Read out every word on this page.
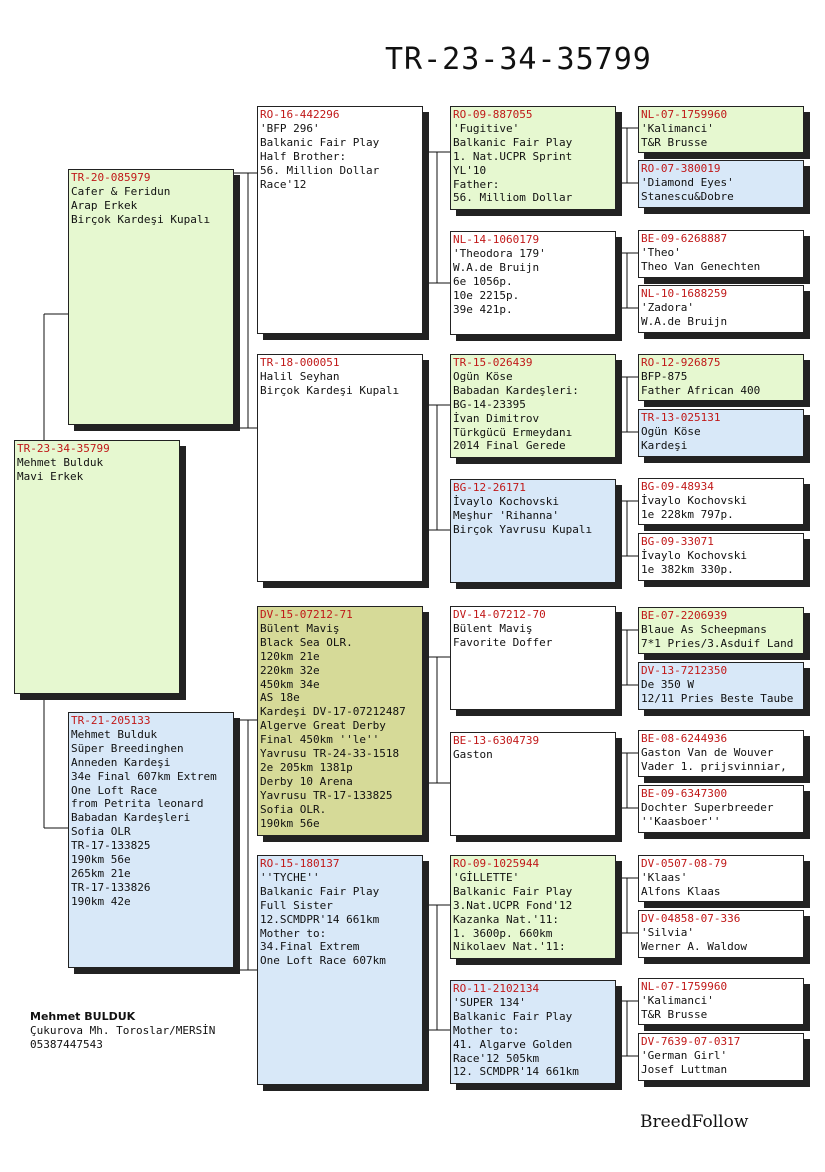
TR-23-34-35799
TR-23-34-35799
Mehmet Bulduk
Mavi Erkek
TR-20-085979
Cafer & Feridun
Arap Erkek
Birçok Kardeşi Kupalı
TR-21-205133
Mehmet Bulduk
Süper Breedinghen
Anneden Kardeşi
34e Final 607km Extrem
One Loft Race
from Petrita leonard
Babadan Kardeşleri
Sofia OLR
TR-17-133825
190km 56e
265km 21e
TR-17-133826
190km 42e
RO-16-442296
'BFP 296'
Balkanic Fair Play
Half Brother:
56. Million Dollar
Race'12
TR-18-000051
Halil Seyhan
Birçok Kardeşi Kupalı
DV-15-07212-71
Bülent Maviş
Black Sea OLR.
120km 21e
220km 32e
450km 34e
AS 18e
Kardeşi DV-17-07212487
Algerve Great Derby
Final 450km ''le''
Yavrusu TR-24-33-1518
2e 205km 1381p
Derby 10 Arena
Yavrusu TR-17-133825
Sofia OLR.
190km 56e
RO-15-180137
''TYCHE''
Balkanic Fair Play
Full Sister
12.SCMDPR'14 661km
Mother to:
34.Final Extrem
One Loft Race 607km
RO-09-887055
'Fugitive'
Balkanic Fair Play
1. Nat.UCPR Sprint
YL'10
Father:
56. Milliom Dollar
NL-14-1060179
'Theodora 179'
W.A.de Bruijn
6e 1056p.
10e 2215p.
39e 421p.
TR-15-026439
Ogün Köse
Babadan Kardeşleri:
BG-14-23395
İvan Dimitrov
Türkgücü Ermeydanı
2014 Final Gerede
BG-12-26171
İvaylo Kochovski
Meşhur 'Rihanna'
Birçok Yavrusu Kupalı
DV-14-07212-70
Bülent Maviş
Favorite Doffer
BE-13-6304739
Gaston
RO-09-1025944
'GİLLETTE'
Balkanic Fair Play
3.Nat.UCPR Fond'12
Kazanka Nat.'11:
1. 3600p. 660km
Nikolaev Nat.'11:
RO-11-2102134
'SUPER 134'
Balkanic Fair Play
Mother to:
41. Algarve Golden
Race'12 505km
12. SCMDPR'14 661km
NL-07-1759960
'Kalimanci'
T&R Brusse
RO-07-380019
'Diamond Eyes'
Stanescu&Dobre
BE-09-6268887
'Theo'
Theo Van Genechten
NL-10-1688259
'Zadora'
W.A.de Bruijn
RO-12-926875
BFP-875
Father African 400
TR-13-025131
Ogün Köse
Kardeşi
BG-09-48934
İvaylo Kochovski
1e 228km 797p.
BG-09-33071
İvaylo Kochovski
1e 382km 330p.
BE-07-2206939
Blaue As Scheepmans
7*1 Pries/3.Asduif Land
DV-13-7212350
De 350 W
12/11 Pries Beste Taube
BE-08-6244936
Gaston Van de Wouver
Vader 1. prijsvinniar,
BE-09-6347300
Dochter Superbreeder
''Kaasboer''
DV-0507-08-79
'Klaas'
Alfons Klaas
DV-04858-07-336
'Silvia'
Werner A. Waldow
NL-07-1759960
'Kalimanci'
T&R Brusse
DV-7639-07-0317
'German Girl'
Josef Luttman
Mehmet BULDUK
Çukurova Mh. Toroslar/MERSİN
05387447543
BreedFollow
